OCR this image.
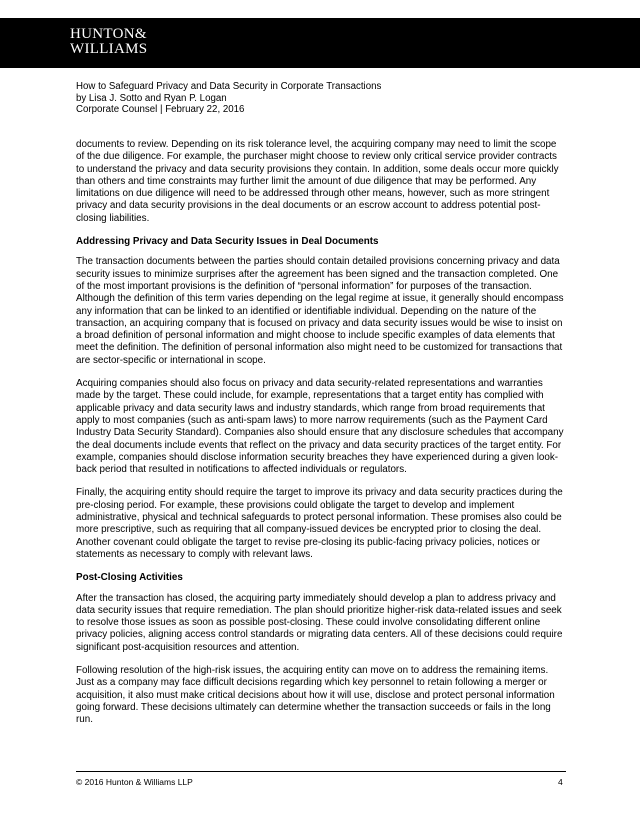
HUNTON&
WILLIAMS
How to Safeguard Privacy and Data Security in Corporate Transactions
by Lisa J. Sotto and Ryan P. Logan
Corporate Counsel | February 22, 2016

documents to review. Depending on its risk tolerance level, the acquiring company may need to limit the scope of the due diligence. For example, the purchaser might choose to review only critical service provider contracts to understand the privacy and data security provisions they contain. In addition, some deals occur more quickly than others and time constraints may further limit the amount of due diligence that may be performed. Any limitations on due diligence will need to be addressed through other means, however, such as more stringent privacy and data security provisions in the deal documents or an escrow account to address potential post-closing liabilities.

Addressing Privacy and Data Security Issues in Deal Documents

The transaction documents between the parties should contain detailed provisions concerning privacy and data security issues to minimize surprises after the agreement has been signed and the transaction completed. One of the most important provisions is the definition of “personal information” for purposes of the transaction. Although the definition of this term varies depending on the legal regime at issue, it generally should encompass any information that can be linked to an identified or identifiable individual. Depending on the nature of the transaction, an acquiring company that is focused on privacy and data security issues would be wise to insist on a broad definition of personal information and might choose to include specific examples of data elements that meet the definition. The definition of personal information also might need to be customized for transactions that are sector-specific or international in scope.

Acquiring companies should also focus on privacy and data security-related representations and warranties made by the target. These could include, for example, representations that a target entity has complied with applicable privacy and data security laws and industry standards, which range from broad requirements that apply to most companies (such as anti-spam laws) to more narrow requirements (such as the Payment Card Industry Data Security Standard). Companies also should ensure that any disclosure schedules that accompany the deal documents include events that reflect on the privacy and data security practices of the target entity. For example, companies should disclose information security breaches they have experienced during a given look-back period that resulted in notifications to affected individuals or regulators.

Finally, the acquiring entity should require the target to improve its privacy and data security practices during the pre-closing period. For example, these provisions could obligate the target to develop and implement administrative, physical and technical safeguards to protect personal information. These promises also could be more prescriptive, such as requiring that all company-issued devices be encrypted prior to closing the deal. Another covenant could obligate the target to revise pre-closing its public-facing privacy policies, notices or statements as necessary to comply with relevant laws.

Post-Closing Activities

After the transaction has closed, the acquiring party immediately should develop a plan to address privacy and data security issues that require remediation. The plan should prioritize higher-risk data-related issues and seek to resolve those issues as soon as possible post-closing. These could involve consolidating different online privacy policies, aligning access control standards or migrating data centers. All of these decisions could require significant post-acquisition resources and attention.

Following resolution of the high-risk issues, the acquiring entity can move on to address the remaining items. Just as a company may face difficult decisions regarding which key personnel to retain following a merger or acquisition, it also must make critical decisions about how it will use, disclose and protect personal information going forward. These decisions ultimately can determine whether the transaction succeeds or fails in the long run.

© 2016 Hunton & Williams LLP	4
